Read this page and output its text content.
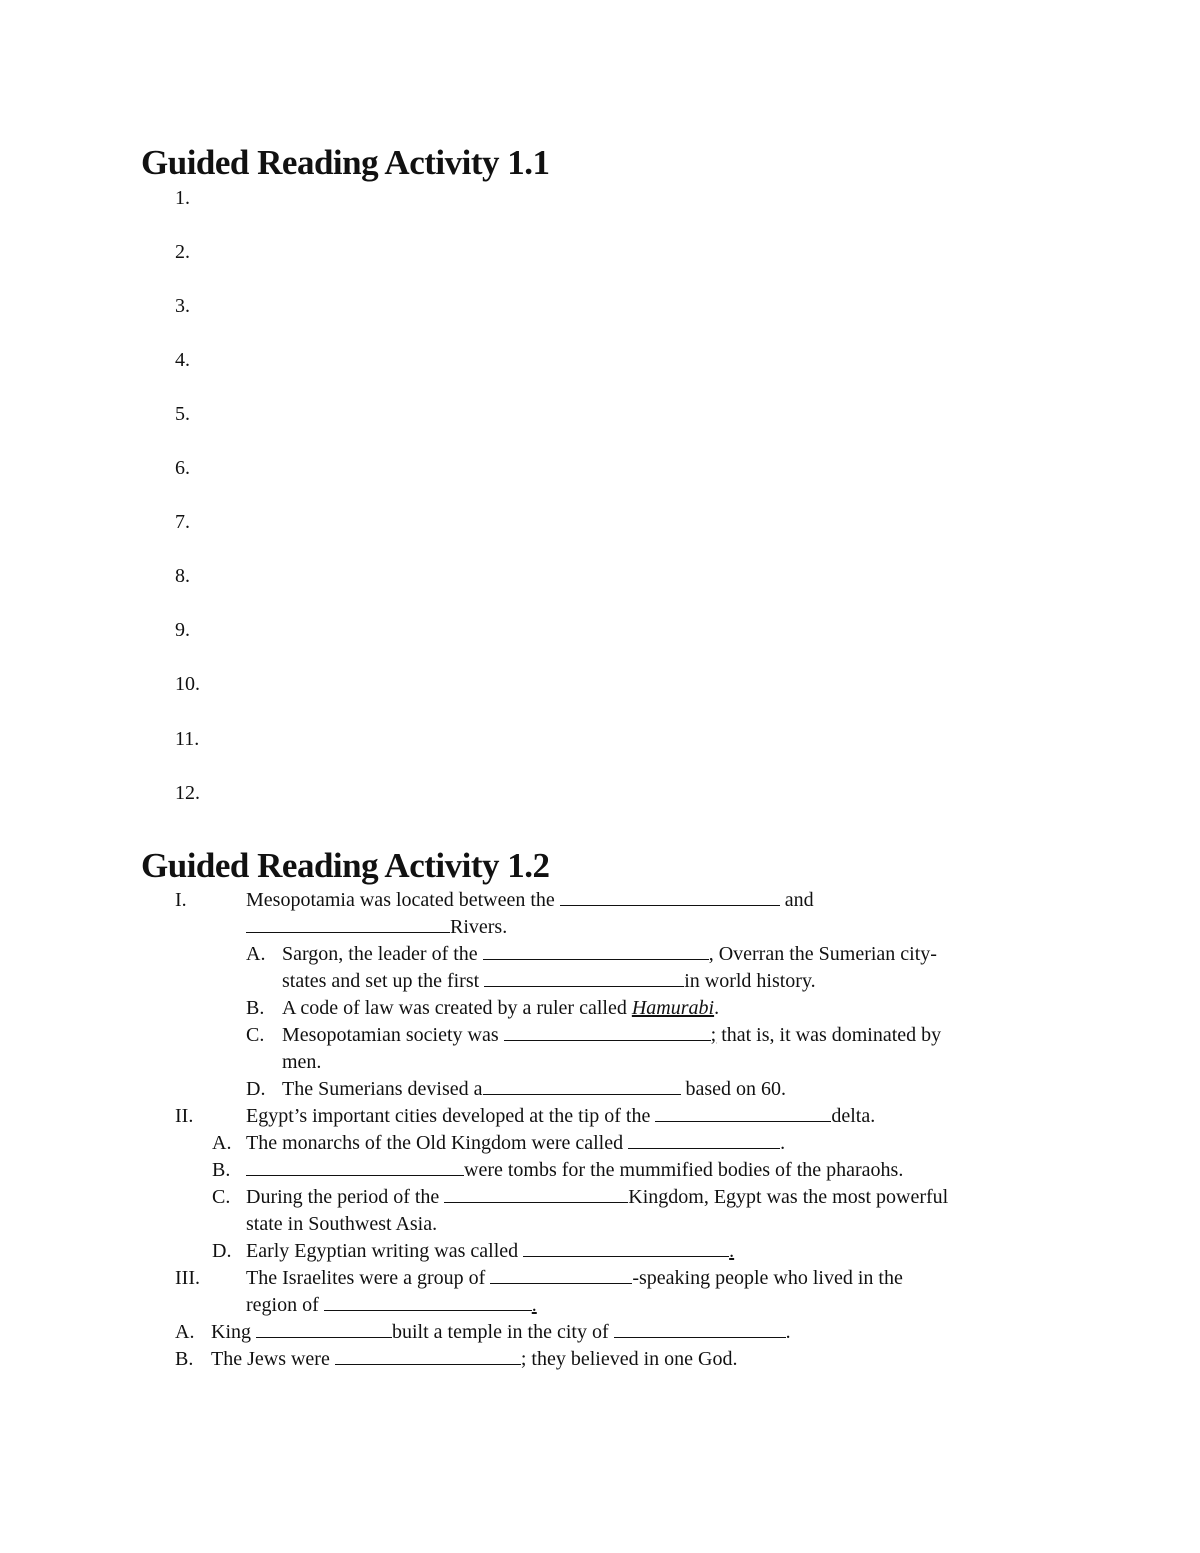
Guided Reading Activity 1.1
1.
2.
3.
4.
5.
6.
7.
8.
9.
10.
11.
12.
Guided Reading Activity 1.2
I.	Mesopotamia was located between the	and
Rivers.
A. Sargon, the leader of the	, Overran the Sumerian city-
states and set up the first	in world history.
B. A code of law was created by a ruler called Hamurabi.
C. Mesopotamian society was	; that is, it was dominated by
men.
D. The Sumerians devised a	based on 60.
II.	Egypt’s important cities developed at the tip of the	delta.
A. The monarchs of the Old Kingdom were called	.
B.	were tombs for the mummified bodies of the pharaohs.
C. During the period of the	Kingdom, Egypt was the most powerful
state in Southwest Asia.
D. Early Egyptian writing was called	.
III. The Israelites were a group of	-speaking people who lived in the
region of	.
A. King	built a temple in the city of	.
B. The Jews were	; they believed in one God.
